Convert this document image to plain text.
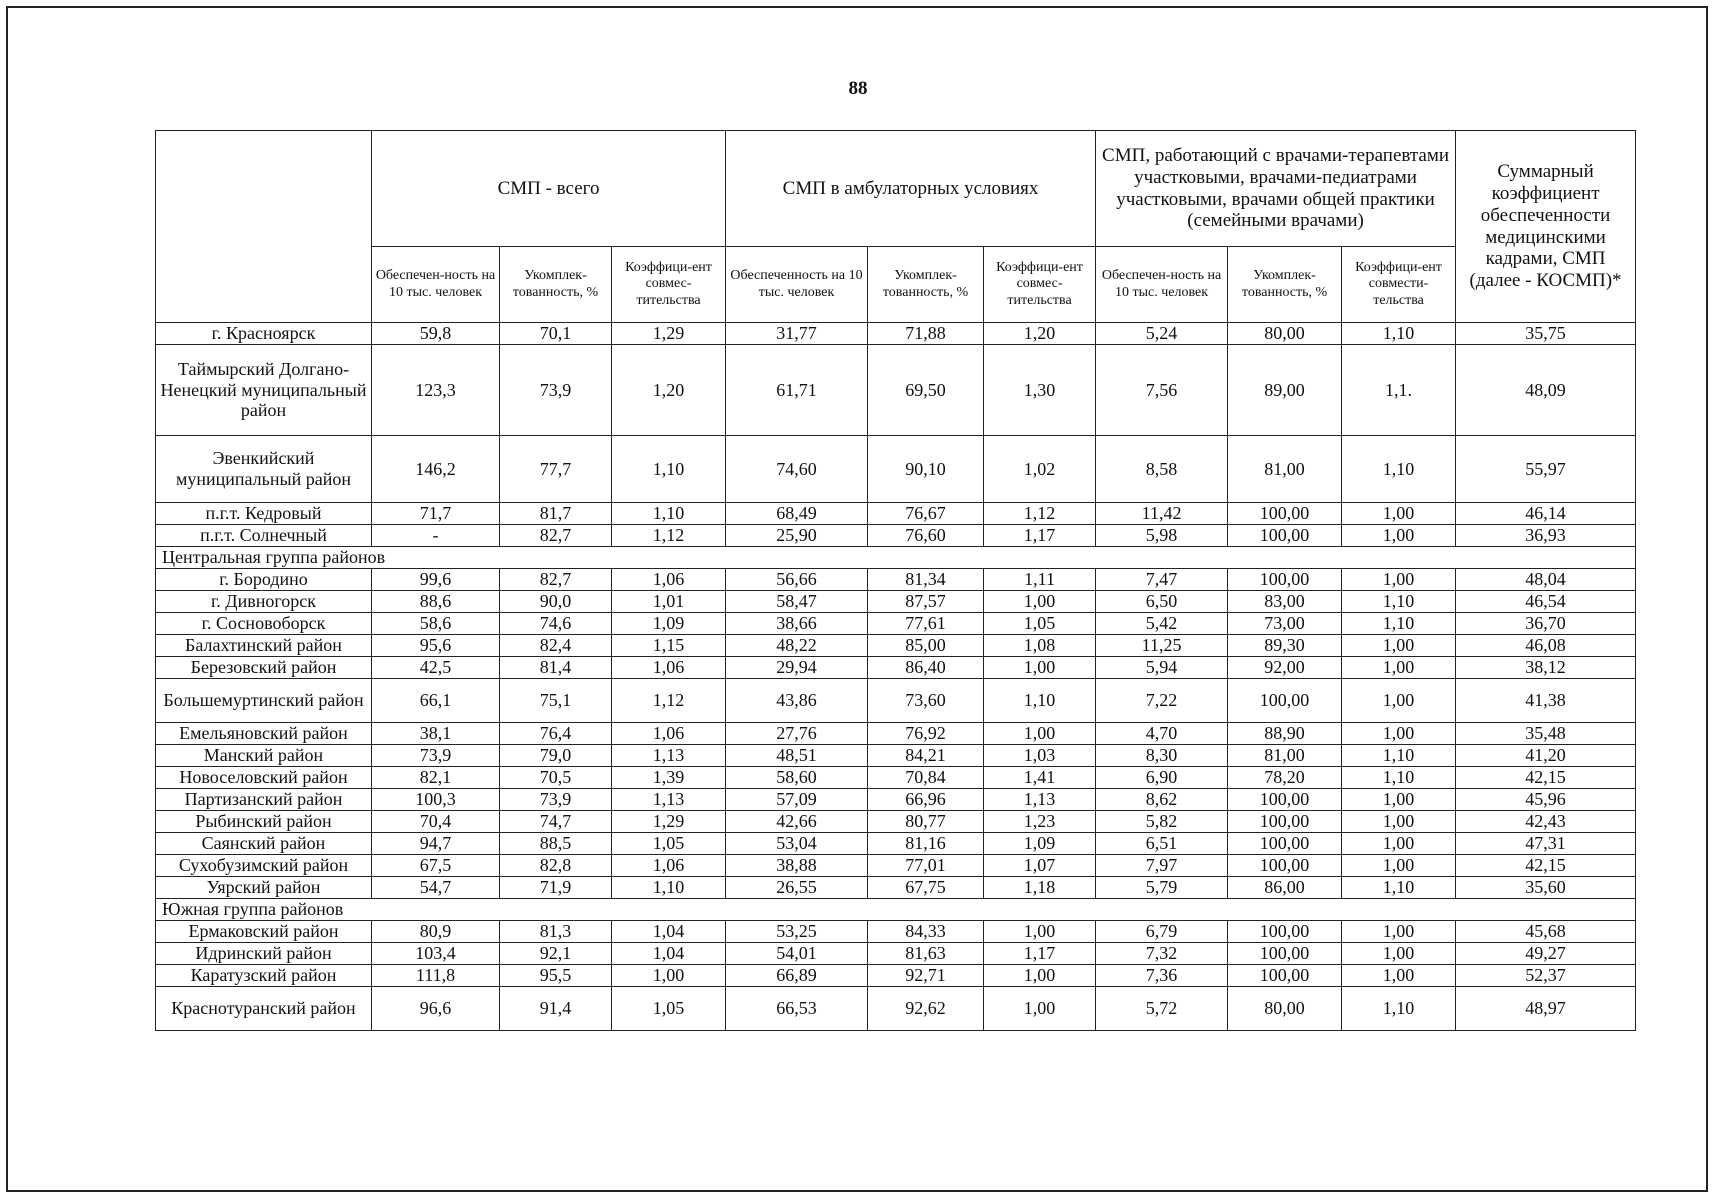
88
	СМП - всего			СМП в амбулаторных условиях			СМП, работающий с врачами-терапевтами участковыми, врачами-педиатрами участковыми, врачами общей практики (семейными врачами)			Суммарный коэффициент обеспеченности медицинскими кадрами, СМП (далее - КОСМП)*
	Обеспечен-ность на 10 тыс. человек	Укомплек-тованность, %	Коэффици-ент совмес-тительства	Обеспеченность на 10 тыс. человек	Укомплек-тованность, %	Коэффици-ент совмес-тительства	Обеспечен-ность на 10 тыс. человек	Укомплек-тованность, %	Коэффици-ент совмести-тельства	
г. Красноярск	59,8	70,1	1,29	31,77	71,88	1,20	5,24	80,00	1,10	35,75
Таймырский Долгано-Ненецкий муниципальный район	123,3	73,9	1,20	61,71	69,50	1,30	7,56	89,00	1,1.	48,09
Эвенкийский муниципальный район	146,2	77,7	1,10	74,60	90,10	1,02	8,58	81,00	1,10	55,97
п.г.т. Кедровый	71,7	81,7	1,10	68,49	76,67	1,12	11,42	100,00	1,00	46,14
п.г.т. Солнечный	-	82,7	1,12	25,90	76,60	1,17	5,98	100,00	1,00	36,93
Центральная группа районов										
г. Бородино	99,6	82,7	1,06	56,66	81,34	1,11	7,47	100,00	1,00	48,04
г. Дивногорск	88,6	90,0	1,01	58,47	87,57	1,00	6,50	83,00	1,10	46,54
г. Сосновоборск	58,6	74,6	1,09	38,66	77,61	1,05	5,42	73,00	1,10	36,70
Балахтинский район	95,6	82,4	1,15	48,22	85,00	1,08	11,25	89,30	1,00	46,08
Березовский район	42,5	81,4	1,06	29,94	86,40	1,00	5,94	92,00	1,00	38,12
Большемуртинский район	66,1	75,1	1,12	43,86	73,60	1,10	7,22	100,00	1,00	41,38
Емельяновский район	38,1	76,4	1,06	27,76	76,92	1,00	4,70	88,90	1,00	35,48
Манский район	73,9	79,0	1,13	48,51	84,21	1,03	8,30	81,00	1,10	41,20
Новоселовский район	82,1	70,5	1,39	58,60	70,84	1,41	6,90	78,20	1,10	42,15
Партизанский район	100,3	73,9	1,13	57,09	66,96	1,13	8,62	100,00	1,00	45,96
Рыбинский район	70,4	74,7	1,29	42,66	80,77	1,23	5,82	100,00	1,00	42,43
Саянский район	94,7	88,5	1,05	53,04	81,16	1,09	6,51	100,00	1,00	47,31
Сухобузимский район	67,5	82,8	1,06	38,88	77,01	1,07	7,97	100,00	1,00	42,15
Уярский район	54,7	71,9	1,10	26,55	67,75	1,18	5,79	86,00	1,10	35,60
Южная группа районов										
Ермаковский район	80,9	81,3	1,04	53,25	84,33	1,00	6,79	100,00	1,00	45,68
Идринский район	103,4	92,1	1,04	54,01	81,63	1,17	7,32	100,00	1,00	49,27
Каратузский район	111,8	95,5	1,00	66,89	92,71	1,00	7,36	100,00	1,00	52,37
Краснотуранский район	96,6	91,4	1,05	66,53	92,62	1,00	5,72	80,00	1,10	48,97
